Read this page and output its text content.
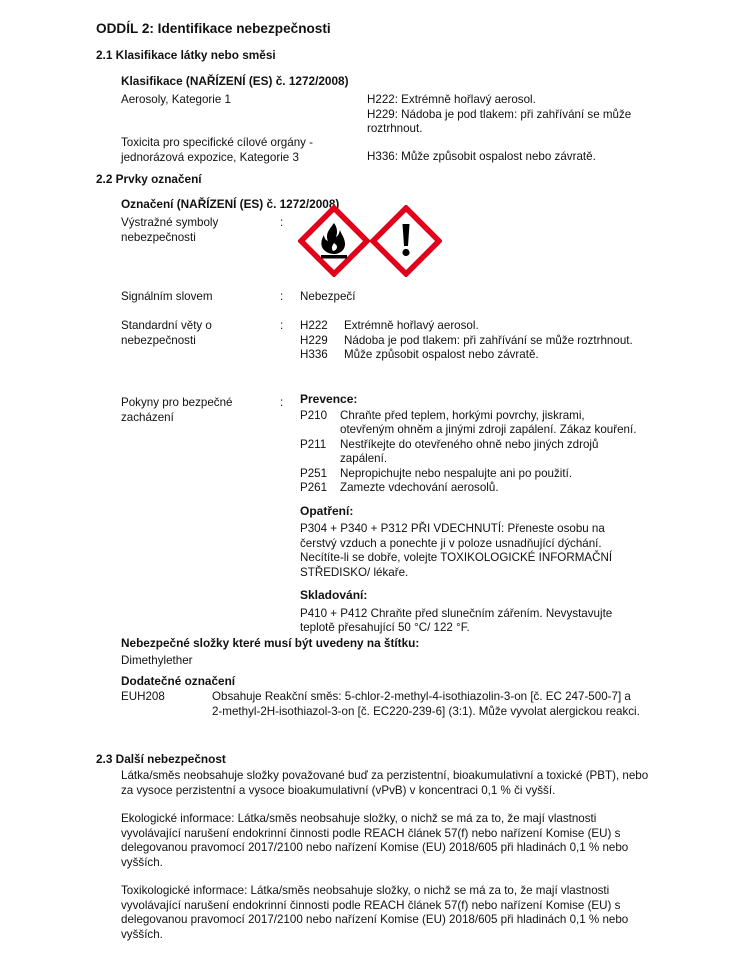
ODDÍL 2: Identifikace nebezpečnosti
2.1 Klasifikace látky nebo směsi
Klasifikace (NAŘÍZENÍ (ES) č. 1272/2008)
Aerosoly, Kategorie 1	H222: Extrémně hořlavý aerosol.
H229: Nádoba je pod tlakem: při zahřívání se může roztrhnout.
Toxicita pro specifické cílové orgány - jednorázová expozice, Kategorie 3	H336: Může způsobit ospalost nebo závratě.
2.2 Prvky označení
Označení (NAŘÍZENÍ (ES) č. 1272/2008)
Výstražné symboly nebezpečnosti
:
Signálním slovem	: Nebezpečí
Standardní věty o nebezpečnosti
: H222	Extrémně hořlavý aerosol.
H229	Nádoba je pod tlakem: při zahřívání se může roztrhnout.
H336	Může způsobit ospalost nebo závratě.
Pokyny pro bezpečné zacházení
: Prevence:
P210	Chraňte před teplem, horkými povrchy, jiskrami, otevřeným ohněm a jinými zdroji zapálení. Zákaz kouření.
P211	Nestříkejte do otevřeného ohně nebo jiných zdrojů zapálení.
P251	Nepropichujte nebo nespalujte ani po použití.
P261	Zamezte vdechování aerosolů.
Opatření:
P304 + P340 + P312 PŘI VDECHNUTÍ: Přeneste osobu na čerstvý vzduch a ponechte ji v poloze usnadňující dýchání. Necítíte-li se dobře, volejte TOXIKOLOGICKÉ INFORMAČNÍ STŘEDISKO/ lékaře.
Skladování:
P410 + P412 Chraňte před slunečním zářením. Nevystavujte teplotě přesahující 50 °C/ 122 °F.
Nebezpečné složky které musí být uvedeny na štítku:
Dimethylether
Dodatečné označení
EUH208	Obsahuje Reakční směs: 5-chlor-2-methyl-4-isothiazolin-3-on [č. EC 247-500-7] a 2-methyl-2H-isothiazol-3-on [č. EC220-239-6] (3:1). Může vyvolat alergickou reakci.
2.3 Další nebezpečnost

Látka/směs neobsahuje složky považované buď za perzistentní, bioakumulativní a toxické (PBT), nebo za vysoce perzistentní a vysoce bioakumulativní (vPvB) v koncentraci 0,1 % či vyšší.

Ekologické informace: Látka/směs neobsahuje složky, o nichž se má za to, že mají vlastnosti vyvolávající narušení endokrinní činnosti podle REACH článek 57(f) nebo nařízení Komise (EU) s delegovanou pravomocí 2017/2100 nebo nařízení Komise (EU) 2018/605 při hladinách 0,1 % nebo vyšších.

Toxikologické informace: Látka/směs neobsahuje složky, o nichž se má za to, že mají vlastnosti vyvolávající narušení endokrinní činnosti podle REACH článek 57(f) nebo nařízení Komise (EU) s delegovanou pravomocí 2017/2100 nebo nařízení Komise (EU) 2018/605 při hladinách 0,1 % nebo vyšších.
